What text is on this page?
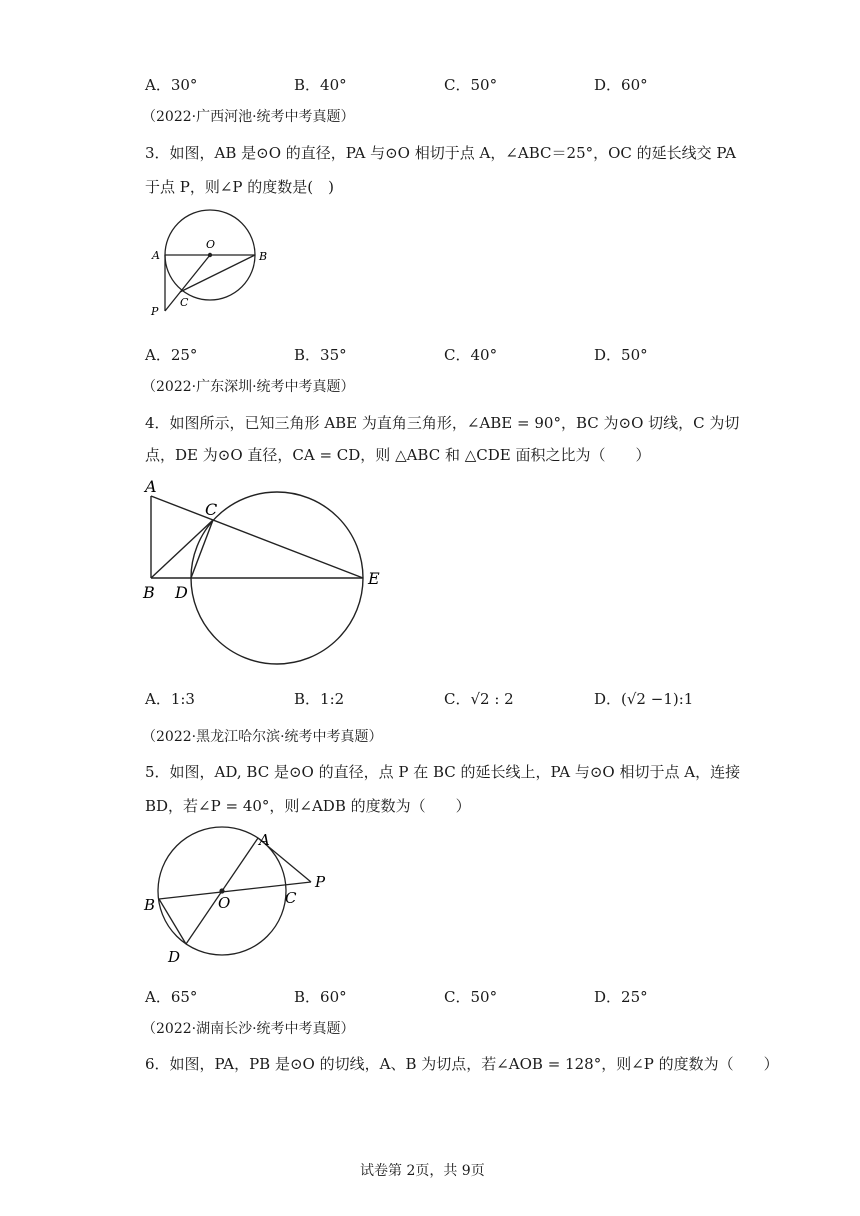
A．30°	B．40°	C．50°	D．60°
（2022·广西河池·统考中考真题）
3．如图，AB 是⊙O 的直径，PA 与⊙O 相切于点 A，∠ABC＝25°，OC 的延长线交 PA
于点 P，则∠P 的度数是(　)
A
O
B
C
P
A．25°	B．35°	C．40°	D．50°
（2022·广东深圳·统考中考真题）
4．如图所示，已知三角形 ABE 为直角三角形，∠ABE = 90°，BC 为⊙O 切线，C 为切
点，DE 为⊙O 直径，CA = CD，则 △ABC 和 △CDE 面积之比为（　　）
A
C
B D
E
A．1:3	B．1:2	C．√2 : 2	D．(√2 −1):1
（2022·黑龙江哈尔滨·统考中考真题）
5．如图，AD, BC 是⊙O 的直径，点 P 在 BC 的延长线上，PA 与⊙O 相切于点 A，连接
BD，若∠P = 40°，则∠ADB 的度数为（　　）
A
P
B	O	C
D
A．65°	B．60°	C．50°	D．25°
（2022·湖南长沙·统考中考真题）
6．如图，PA，PB 是⊙O 的切线，A、B 为切点，若∠AOB = 128°，则∠P 的度数为（　　）
试卷第 2页，共 9页
